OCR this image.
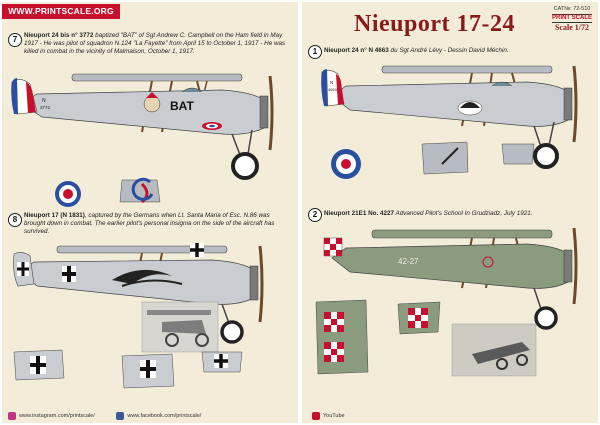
WWW.PRINTSCALE.ORG
7	Nieuport 24 bis n° 3772 baptized "BAT" of Sgt Andrew C. Campbell on the Ham field in May 1917 - He was pilot of squadron N.124 "La Fayette" from April 15 to October 1, 1917 - He was killed in combat in the vicinity of Malmaison, October 1, 1917.
N
3772	BAT
8	Nieuport 17 (N 1831), captured by the Germans when Lt. Santa Maria of Esc. N.86 was brought down in combat. The earlier pilot's personal insignia on the side of the aircraft has survived.
www.instagram.com/printscale/	www.facebook.com/printscale/
Nieuport 17-24
CAT№: 72-510
PRINT SCALE
Scale 1/72
1	Nieuport 24 n° N 4663 du Sgt André Lévy - Dessin David Méchin.
N
4663
2	Nieuport 21E1 No. 4227 Advanced Pilot's School In Grudziadz, July 1921.
42-27
YouTube
